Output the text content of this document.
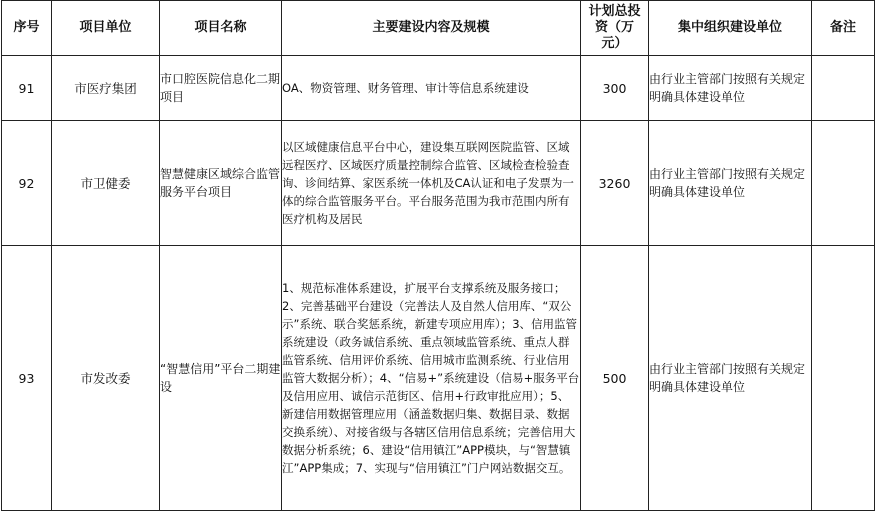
序号	项目单位	项目名称	主要建设内容及规模	计划总投资（万元）	集中组织建设单位	备注
91	市医疗集团	市口腔医院信息化二期项目	OA、物资管理、财务管理、审计等信息系统建设	300	由行业主管部门按照有关规定明确具体建设单位	
92	市卫健委	智慧健康区域综合监管服务平台项目	以区域健康信息平台中心，建设集互联网医院监管、区域远程医疗、区域医疗质量控制综合监管、区域检查检验查询、诊间结算、家医系统一体机及CA认证和电子发票为一体的综合监管服务平台。平台服务范围为我市范围内所有医疗机构及居民	3260	由行业主管部门按照有关规定明确具体建设单位	
93	市发改委	“智慧信用”平台二期建设	1、规范标准体系建设，扩展平台支撑系统及服务接口；2、完善基础平台建设（完善法人及自然人信用库、“双公示”系统、联合奖惩系统，新建专项应用库）；3、信用监管系统建设（政务诚信系统、重点领域监管系统、重点人群监管系统、信用评价系统、信用城市监测系统、行业信用监管大数据分析）；4、“信易+”系统建设（信易+服务平台及信用应用、诚信示范街区、信用+行政审批应用）；5、新建信用数据管理应用（涵盖数据归集、数据目录、数据交换系统）、对接省级与各辖区信用信息系统；完善信用大数据分析系统；6、建设“信用镇江”APP模块，与“智慧镇江”APP集成；7、实现与“信用镇江”门户网站数据交互。	500	由行业主管部门按照有关规定明确具体建设单位	
